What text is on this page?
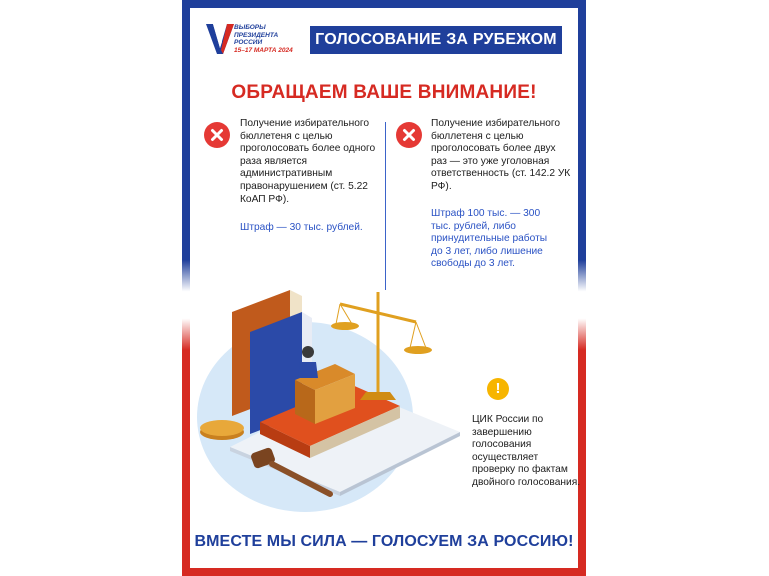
ВЫБОРЫ
ПРЕЗИДЕНТА
РОССИИ
15–17 МАРТА 2024
ГОЛОСОВАНИЕ ЗА РУБЕЖОМ
ОБРАЩАЕМ ВАШЕ ВНИМАНИЕ!
Получение избирательного бюллетеня с целью проголосовать более одного раза является административным правонарушением (ст. 5.22 КоАП РФ).
Штраф — 30 тыс. рублей.
Получение избирательного бюллетеня с целью проголосовать более двух раз — это уже уголовная ответственность (ст. 142.2 УК РФ).
Штраф 100 тыс. — 300 тыс. рублей, либо принудительные работы до 3 лет, либо лишение свободы до 3 лет.
!
ЦИК России по завершению голосования осуществляет проверку по фактам двойного голосования.
ВМЕСТЕ МЫ СИЛА — ГОЛОСУЕМ ЗА РОССИЮ!
